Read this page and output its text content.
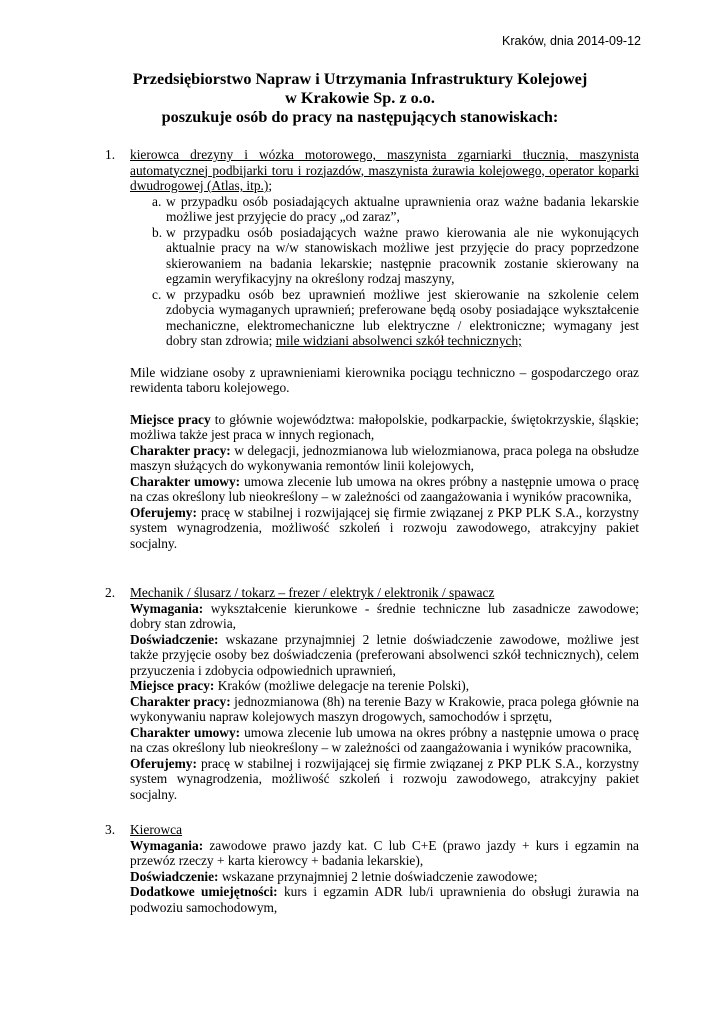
Kraków, dnia 2014-09-12
Przedsiębiorstwo Napraw i Utrzymania Infrastruktury Kolejowej
w Krakowie Sp. z o.o.
poszukuje osób do pracy na następujących stanowiskach:
1. kierowca drezyny i wózka motorowego, maszynista zgarniarki tłucznia, maszynista automatycznej podbijarki toru i rozjazdów, maszynista żurawia kolejowego, operator koparki dwudrogowej (Atlas, itp.);

a. w przypadku osób posiadających aktualne uprawnienia oraz ważne badania lekarskie możliwe jest przyjęcie do pracy „od zaraz”,
b. w przypadku osób posiadających ważne prawo kierowania ale nie wykonujących aktualnie pracy na w/w stanowiskach możliwe jest przyjęcie do pracy poprzedzone skierowaniem na badania lekarskie; następnie pracownik zostanie skierowany na egzamin weryfikacyjny na określony rodzaj maszyny,
c. w przypadku osób bez uprawnień możliwe jest skierowanie na szkolenie celem zdobycia wymaganych uprawnień; preferowane będą osoby posiadające wykształcenie mechaniczne, elektromechaniczne lub elektryczne / elektroniczne; wymagany jest dobry stan zdrowia; mile widziani absolwenci szkół technicznych;

Mile widziane osoby z uprawnieniami kierownika pociągu techniczno – gospodarczego oraz rewidenta taboru kolejowego.

Miejsce pracy to głównie województwa: małopolskie, podkarpackie, świętokrzyskie, śląskie; możliwa także jest praca w innych regionach,

Charakter pracy: w delegacji, jednozmianowa lub wielozmianowa, praca polega na obsłudze maszyn służących do wykonywania remontów linii kolejowych,

Charakter umowy: umowa zlecenie lub umowa na okres próbny a następnie umowa o pracę na czas określony lub nieokreślony – w zależności od zaangażowania i wyników pracownika,

Oferujemy: pracę w stabilnej i rozwijającej się firmie związanej z PKP PLK S.A., korzystny system wynagrodzenia, możliwość szkoleń i rozwoju zawodowego, atrakcyjny pakiet socjalny.

2. Mechanik / ślusarz / tokarz – frezer / elektryk / elektronik / spawacz

Wymagania: wykształcenie kierunkowe - średnie techniczne lub zasadnicze zawodowe; dobry stan zdrowia,

Doświadczenie: wskazane przynajmniej 2 letnie doświadczenie zawodowe, możliwe jest także przyjęcie osoby bez doświadczenia (preferowani absolwenci szkół technicznych), celem przyuczenia i zdobycia odpowiednich uprawnień,

Miejsce pracy: Kraków (możliwe delegacje na terenie Polski),

Charakter pracy: jednozmianowa (8h) na terenie Bazy w Krakowie, praca polega głównie na wykonywaniu napraw kolejowych maszyn drogowych, samochodów i sprzętu,

Charakter umowy: umowa zlecenie lub umowa na okres próbny a następnie umowa o pracę na czas określony lub nieokreślony – w zależności od zaangażowania i wyników pracownika,

Oferujemy: pracę w stabilnej i rozwijającej się firmie związanej z PKP PLK S.A., korzystny system wynagrodzenia, możliwość szkoleń i rozwoju zawodowego, atrakcyjny pakiet socjalny.

3. Kierowca

Wymagania: zawodowe prawo jazdy kat. C lub C+E (prawo jazdy + kurs i egzamin na przewóz rzeczy + karta kierowcy + badania lekarskie),

Doświadczenie: wskazane przynajmniej 2 letnie doświadczenie zawodowe;

Dodatkowe umiejętności: kurs i egzamin ADR lub/i uprawnienia do obsługi żurawia na podwoziu samochodowym,
